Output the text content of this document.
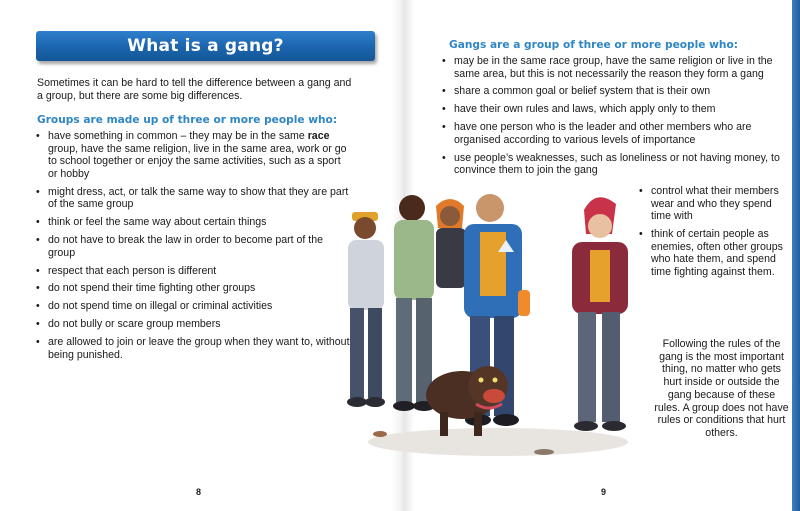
What is a gang?

Sometimes it can be hard to tell the difference between a gang and a group, but there are some big differences.

Groups are made up of three or more people who:
• have something in common – they may be in the same race group, have the same religion, live in the same area, work or go to school together or enjoy the same activities, such as a sport or hobby
• might dress, act, or talk the same way to show that they are part of the same group
• think or feel the same way about certain things
• do not have to break the law in order to become part of the group
• respect that each person is different
• do not spend their time fighting other groups
• do not spend time on illegal or criminal activities
• do not bully or scare group members
• are allowed to join or leave the group when they want to, without being punished.
8
Gangs are a group of three or more people who:
• may be in the same race group, have the same religion or live in the same area, but this is not necessarily the reason they form a gang
• share a common goal or belief system that is their own
• have their own rules and laws, which apply only to them
• have one person who is the leader and other members who are organised according to various levels of importance
• use people’s weaknesses, such as loneliness or not having money, to convince them to join the gang
• control what their members wear and who they spend time with
• think of certain people as enemies, often other groups who hate them, and spend time fighting against them.

Following the rules of the gang is the most important thing, no matter who gets hurt inside or outside the gang because of these rules. A group does not have rules or conditions that hurt others.

9
